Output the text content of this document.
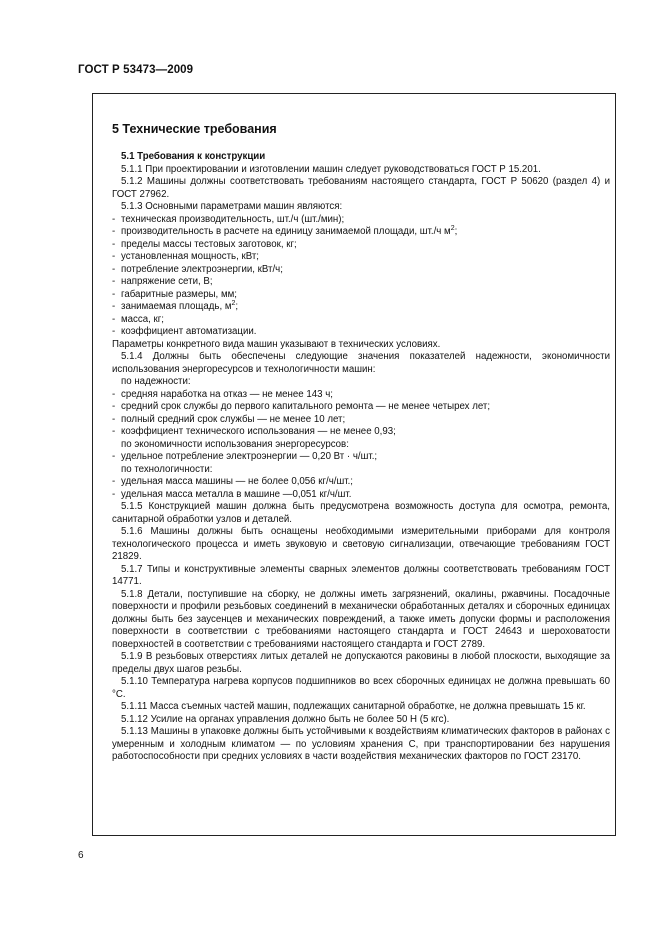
ГОСТ Р 53473—2009
5 Технические требования
5.1 Требования к конструкции
5.1.1 При проектировании и изготовлении машин следует руководствоваться ГОСТ Р 15.201.
5.1.2 Машины должны соответствовать требованиям настоящего стандарта, ГОСТ Р 50620 (раздел 4) и ГОСТ 27962.
5.1.3 Основными параметрами машин являются:
- техническая производительность, шт./ч (шт./мин);
- производительность в расчете на единицу занимаемой площади, шт./ч $м^2$;
- пределы массы тестовых заготовок, кг;
- установленная мощность, кВт;
- потребление электроэнергии, кВт/ч;
- напряжение сети, В;
- габаритные размеры, мм;
- занимаемая площадь, $м^2$;
- масса, кг;
- коэффициент автоматизации.
Параметры конкретного вида машин указывают в технических условиях.
5.1.4 Должны быть обеспечены следующие значения показателей надежности, экономичности использования энергоресурсов и технологичности машин:
по надежности:
- средняя наработка на отказ — не менее 143 ч;
- средний срок службы до первого капитального ремонта — не менее четырех лет;
- полный средний срок службы — не менее 10 лет;
- коэффициент технического использования — не менее 0,93;
по экономичности использования энергоресурсов:
- удельное потребление электроэнергии — 0,20 Вт · ч/шт.;
по технологичности:
- удельная масса машины — не более 0,056 кг/ч/шт.;
- удельная масса металла в машине —0,051 кг/ч/шт.
5.1.5 Конструкцией машин должна быть предусмотрена возможность доступа для осмотра, ремонта, санитарной обработки узлов и деталей.
5.1.6 Машины должны быть оснащены необходимыми измерительными приборами для контроля технологического процесса и иметь звуковую и световую сигнализации, отвечающие требованиям ГОСТ 21829.
5.1.7 Типы и конструктивные элементы сварных элементов должны соответствовать требованиям ГОСТ 14771.
5.1.8 Детали, поступившие на сборку, не должны иметь загрязнений, окалины, ржавчины. Посадочные поверхности и профили резьбовых соединений в механически обработанных деталях и сборочных единицах должны быть без заусенцев и механических повреждений, а также иметь допуски формы и расположения поверхности в соответствии с требованиями настоящего стандарта и ГОСТ 24643 и шероховатости поверхностей в соответствии с требованиями настоящего стандарта и ГОСТ 2789.
5.1.9 В резьбовых отверстиях литых деталей не допускаются раковины в любой плоскости, выходящие за пределы двух шагов резьбы.
5.1.10 Температура нагрева корпусов подшипников во всех сборочных единицах не должна превышать 60 °С.
5.1.11 Масса съемных частей машин, подлежащих санитарной обработке, не должна превышать 15 кг.
5.1.12 Усилие на органах управления должно быть не более 50 Н (5 кгс).
5.1.13 Машины в упаковке должны быть устойчивыми к воздействиям климатических факторов в районах с умеренным и холодным климатом — по условиям хранения С, при транспортировании без нарушения работоспособности при средних условиях в части воздействия механических факторов по ГОСТ 23170.
6
